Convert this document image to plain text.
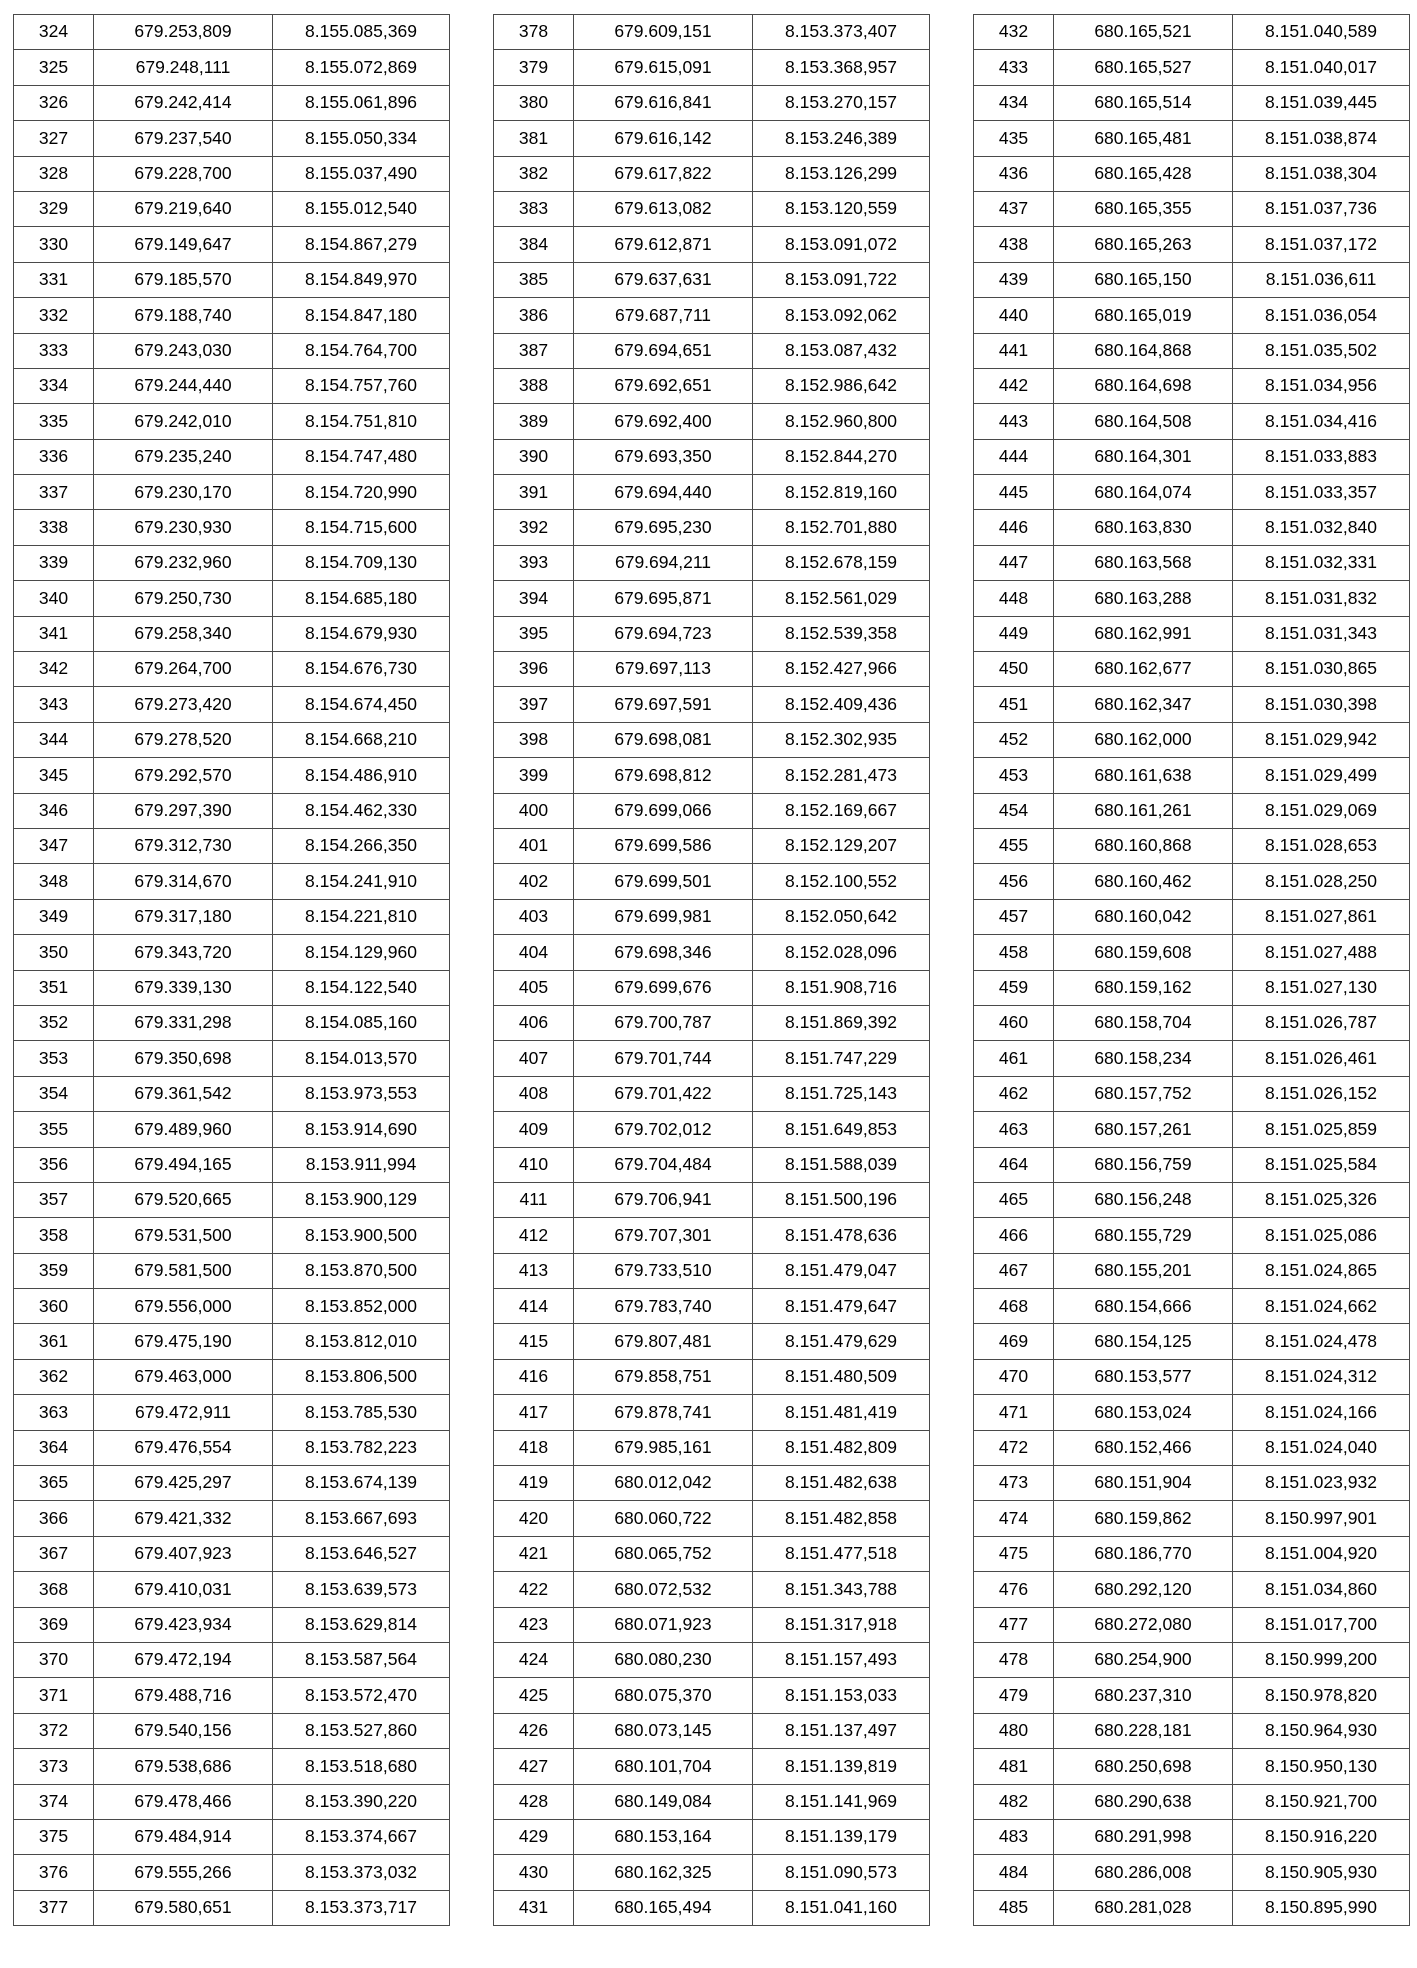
324	679.253,809	8.155.085,369
325	679.248,111	8.155.072,869
326	679.242,414	8.155.061,896
327	679.237,540	8.155.050,334
328	679.228,700	8.155.037,490
329	679.219,640	8.155.012,540
330	679.149,647	8.154.867,279
331	679.185,570	8.154.849,970
332	679.188,740	8.154.847,180
333	679.243,030	8.154.764,700
334	679.244,440	8.154.757,760
335	679.242,010	8.154.751,810
336	679.235,240	8.154.747,480
337	679.230,170	8.154.720,990
338	679.230,930	8.154.715,600
339	679.232,960	8.154.709,130
340	679.250,730	8.154.685,180
341	679.258,340	8.154.679,930
342	679.264,700	8.154.676,730
343	679.273,420	8.154.674,450
344	679.278,520	8.154.668,210
345	679.292,570	8.154.486,910
346	679.297,390	8.154.462,330
347	679.312,730	8.154.266,350
348	679.314,670	8.154.241,910
349	679.317,180	8.154.221,810
350	679.343,720	8.154.129,960
351	679.339,130	8.154.122,540
352	679.331,298	8.154.085,160
353	679.350,698	8.154.013,570
354	679.361,542	8.153.973,553
355	679.489,960	8.153.914,690
356	679.494,165	8.153.911,994
357	679.520,665	8.153.900,129
358	679.531,500	8.153.900,500
359	679.581,500	8.153.870,500
360	679.556,000	8.153.852,000
361	679.475,190	8.153.812,010
362	679.463,000	8.153.806,500
363	679.472,911	8.153.785,530
364	679.476,554	8.153.782,223
365	679.425,297	8.153.674,139
366	679.421,332	8.153.667,693
367	679.407,923	8.153.646,527
368	679.410,031	8.153.639,573
369	679.423,934	8.153.629,814
370	679.472,194	8.153.587,564
371	679.488,716	8.153.572,470
372	679.540,156	8.153.527,860
373	679.538,686	8.153.518,680
374	679.478,466	8.153.390,220
375	679.484,914	8.153.374,667
376	679.555,266	8.153.373,032
377	679.580,651	8.153.373,717
378	679.609,151	8.153.373,407
379	679.615,091	8.153.368,957
380	679.616,841	8.153.270,157
381	679.616,142	8.153.246,389
382	679.617,822	8.153.126,299
383	679.613,082	8.153.120,559
384	679.612,871	8.153.091,072
385	679.637,631	8.153.091,722
386	679.687,711	8.153.092,062
387	679.694,651	8.153.087,432
388	679.692,651	8.152.986,642
389	679.692,400	8.152.960,800
390	679.693,350	8.152.844,270
391	679.694,440	8.152.819,160
392	679.695,230	8.152.701,880
393	679.694,211	8.152.678,159
394	679.695,871	8.152.561,029
395	679.694,723	8.152.539,358
396	679.697,113	8.152.427,966
397	679.697,591	8.152.409,436
398	679.698,081	8.152.302,935
399	679.698,812	8.152.281,473
400	679.699,066	8.152.169,667
401	679.699,586	8.152.129,207
402	679.699,501	8.152.100,552
403	679.699,981	8.152.050,642
404	679.698,346	8.152.028,096
405	679.699,676	8.151.908,716
406	679.700,787	8.151.869,392
407	679.701,744	8.151.747,229
408	679.701,422	8.151.725,143
409	679.702,012	8.151.649,853
410	679.704,484	8.151.588,039
411	679.706,941	8.151.500,196
412	679.707,301	8.151.478,636
413	679.733,510	8.151.479,047
414	679.783,740	8.151.479,647
415	679.807,481	8.151.479,629
416	679.858,751	8.151.480,509
417	679.878,741	8.151.481,419
418	679.985,161	8.151.482,809
419	680.012,042	8.151.482,638
420	680.060,722	8.151.482,858
421	680.065,752	8.151.477,518
422	680.072,532	8.151.343,788
423	680.071,923	8.151.317,918
424	680.080,230	8.151.157,493
425	680.075,370	8.151.153,033
426	680.073,145	8.151.137,497
427	680.101,704	8.151.139,819
428	680.149,084	8.151.141,969
429	680.153,164	8.151.139,179
430	680.162,325	8.151.090,573
431	680.165,494	8.151.041,160
432	680.165,521	8.151.040,589
433	680.165,527	8.151.040,017
434	680.165,514	8.151.039,445
435	680.165,481	8.151.038,874
436	680.165,428	8.151.038,304
437	680.165,355	8.151.037,736
438	680.165,263	8.151.037,172
439	680.165,150	8.151.036,611
440	680.165,019	8.151.036,054
441	680.164,868	8.151.035,502
442	680.164,698	8.151.034,956
443	680.164,508	8.151.034,416
444	680.164,301	8.151.033,883
445	680.164,074	8.151.033,357
446	680.163,830	8.151.032,840
447	680.163,568	8.151.032,331
448	680.163,288	8.151.031,832
449	680.162,991	8.151.031,343
450	680.162,677	8.151.030,865
451	680.162,347	8.151.030,398
452	680.162,000	8.151.029,942
453	680.161,638	8.151.029,499
454	680.161,261	8.151.029,069
455	680.160,868	8.151.028,653
456	680.160,462	8.151.028,250
457	680.160,042	8.151.027,861
458	680.159,608	8.151.027,488
459	680.159,162	8.151.027,130
460	680.158,704	8.151.026,787
461	680.158,234	8.151.026,461
462	680.157,752	8.151.026,152
463	680.157,261	8.151.025,859
464	680.156,759	8.151.025,584
465	680.156,248	8.151.025,326
466	680.155,729	8.151.025,086
467	680.155,201	8.151.024,865
468	680.154,666	8.151.024,662
469	680.154,125	8.151.024,478
470	680.153,577	8.151.024,312
471	680.153,024	8.151.024,166
472	680.152,466	8.151.024,040
473	680.151,904	8.151.023,932
474	680.159,862	8.150.997,901
475	680.186,770	8.151.004,920
476	680.292,120	8.151.034,860
477	680.272,080	8.151.017,700
478	680.254,900	8.150.999,200
479	680.237,310	8.150.978,820
480	680.228,181	8.150.964,930
481	680.250,698	8.150.950,130
482	680.290,638	8.150.921,700
483	680.291,998	8.150.916,220
484	680.286,008	8.150.905,930
485	680.281,028	8.150.895,990
